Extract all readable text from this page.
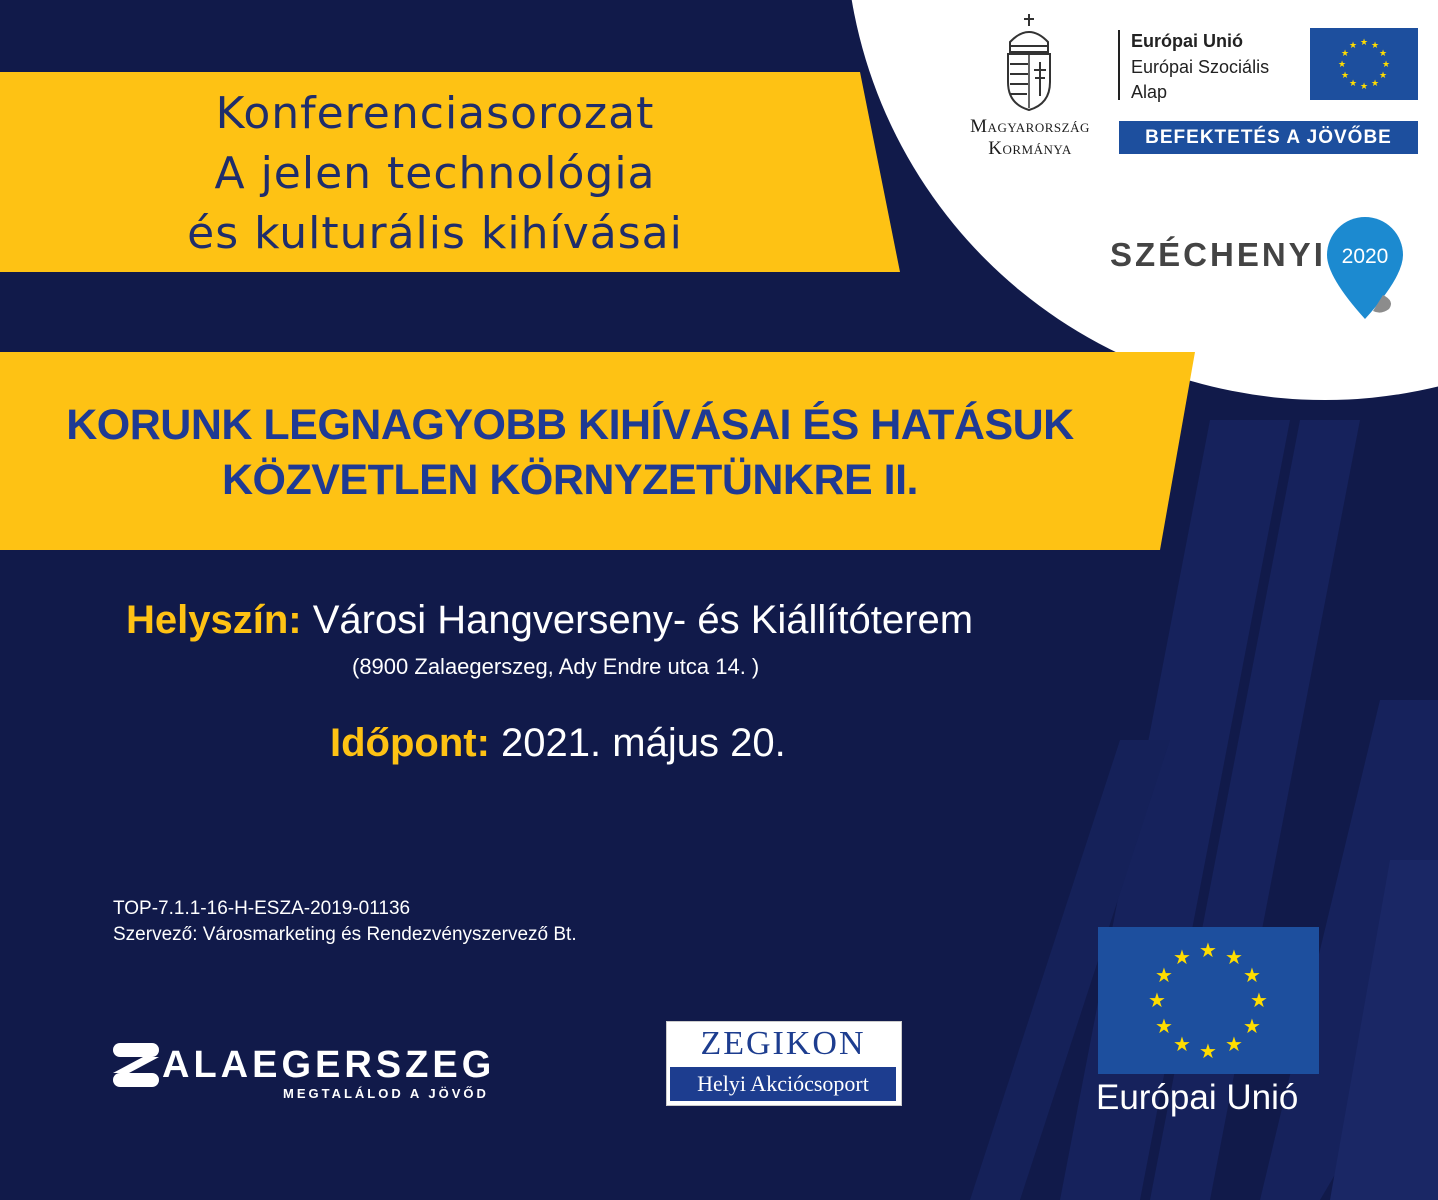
Konferenciasorozat
A jelen technológia
és kulturális kihívásai
Magyarország
Kormánya
Európai Unió
Európai Szociális
Alap
★ ★
★
★
★
★
★
★
★
★
★
★
BEFEKTETÉS A JÖVŐBE
SZÉCHENYI 2020
KORUNK LEGNAGYOBB KIHÍVÁSAI ÉS HATÁSUK
KÖZVETLEN KÖRNYZETÜNKRE II.
Helyszín: Városi Hangverseny- és Kiállítóterem
(8900 Zalaegerszeg, Ady Endre utca 14. )
Időpont: 2021. május 20.
TOP-7.1.1-16-H-ESZA-2019-01136
Szervező: Városmarketing és Rendezvényszervező Bt.
ALAEGERSZEG
MEGTALÁLOD A JÖVŐD
ZEGIKON
Helyi Akciócsoport
★ ★
★
★
★
★
★
★
★
★
★
★
Európai Unió
